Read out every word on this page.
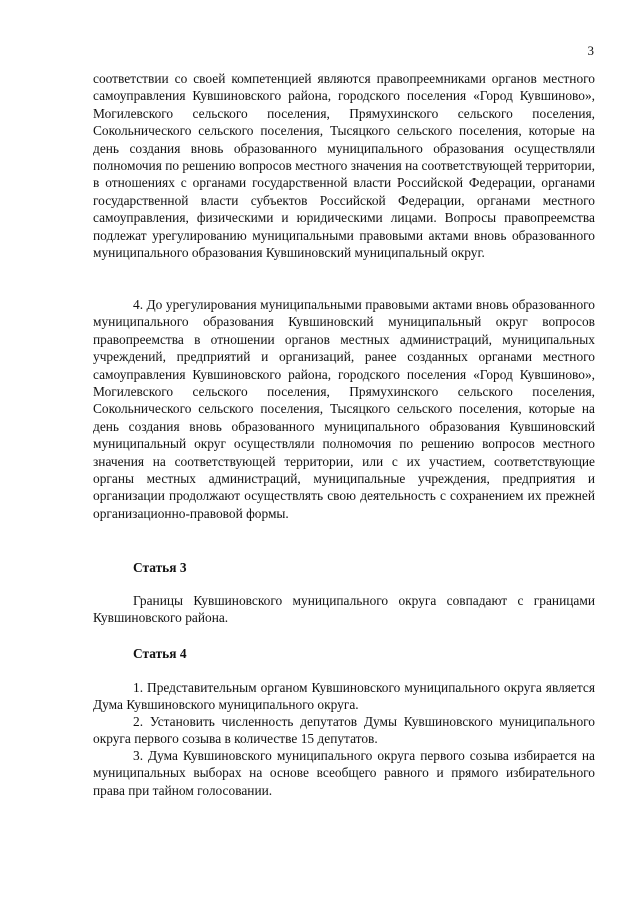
3

соответствии со своей компетенцией являются правопреемниками органов местного самоуправления Кувшиновского района, городского поселения «Город Кувшиново», Могилевского сельского поселения, Прямухинского сельского поселения, Сокольнического сельского поселения, Тысяцкого сельского поселения, которые на день создания вновь образованного муниципального образования осуществляли полномочия по решению вопросов местного значения на соответствующей территории, в отношениях с органами государственной власти Российской Федерации, органами государственной власти субъектов Российской Федерации, органами местного самоуправления, физическими и юридическими лицами. Вопросы правопреемства подлежат урегулированию муниципальными правовыми актами вновь образованного муниципального образования Кувшиновский муниципальный округ.

4. До урегулирования муниципальными правовыми актами вновь образованного муниципального образования Кувшиновский муниципальный округ вопросов правопреемства в отношении органов местных администраций, муниципальных учреждений, предприятий и организаций, ранее созданных органами местного самоуправления Кувшиновского района, городского поселения «Город Кувшиново», Могилевского сельского поселения, Прямухинского сельского поселения, Сокольнического сельского поселения, Тысяцкого сельского поселения, которые на день создания вновь образованного муниципального образования Кувшиновский муниципальный округ осуществляли полномочия по решению вопросов местного значения на соответствующей территории, или с их участием, соответствующие органы местных администраций, муниципальные учреждения, предприятия и организации продолжают осуществлять свою деятельность с сохранением их прежней организационно-правовой формы.

Статья 3

Границы Кувшиновского муниципального округа совпадают с границами Кувшиновского района.

Статья 4

1. Представительным органом Кувшиновского муниципального округа является Дума Кувшиновского муниципального округа.

2. Установить численность депутатов Думы Кувшиновского муниципального округа первого созыва в количестве 15 депутатов.

3. Дума Кувшиновского муниципального округа первого созыва избирается на муниципальных выборах на основе всеобщего равного и прямого избирательного права при тайном голосовании.
